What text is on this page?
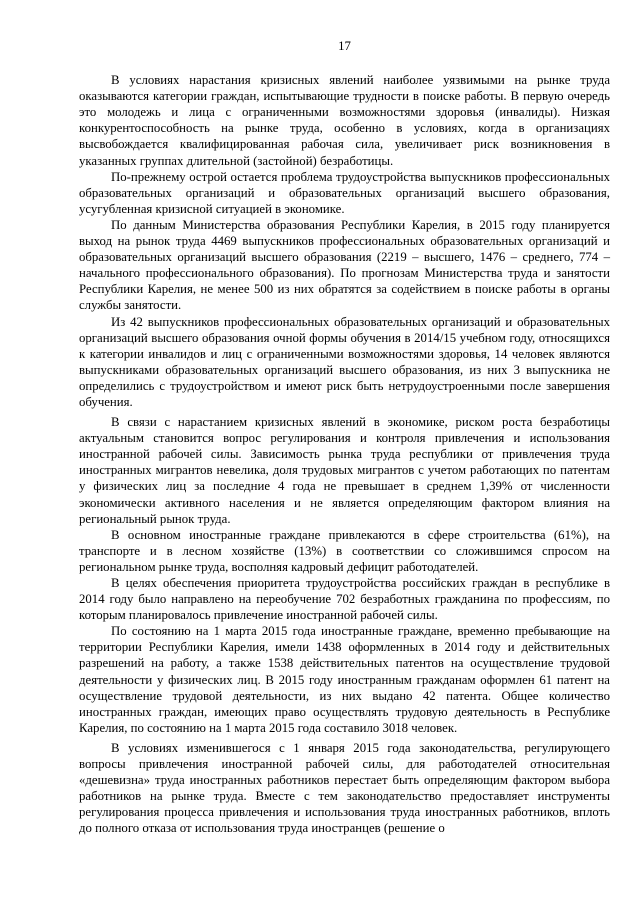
17

В условиях нарастания кризисных явлений наиболее уязвимыми на рынке труда оказываются категории граждан, испытывающие трудности в поиске работы. В первую очередь это молодежь и лица с ограниченными возможностями здоровья (инвалиды). Низкая конкурентоспособность на рынке труда, особенно в условиях, когда в организациях высвобождается квалифицированная рабочая сила, увеличивает риск возникновения в указанных группах длительной (застойной) безработицы.

По-прежнему острой остается проблема трудоустройства выпускников профессиональных образовательных организаций и образовательных организаций высшего образования, усугубленная кризисной ситуацией в экономике.

По данным Министерства образования Республики Карелия, в 2015 году планируется выход на рынок труда 4469 выпускников профессиональных образовательных организаций и образовательных организаций высшего образования (2219 – высшего, 1476 – среднего, 774 – начального профессионального образования). По прогнозам Министерства труда и занятости Республики Карелия, не менее 500 из них обратятся за содействием в поиске работы в органы службы занятости.

Из 42 выпускников профессиональных образовательных организаций и образовательных организаций высшего образования очной формы обучения в 2014/15 учебном году, относящихся к категории инвалидов и лиц с ограниченными возможностями здоровья, 14 человек являются выпускниками образовательных организаций высшего образования, из них 3 выпускника не определились с трудоустройством и имеют риск быть нетрудоустроенными после завершения обучения.

В связи с нарастанием кризисных явлений в экономике, риском роста безработицы актуальным становится вопрос регулирования и контроля привлечения и использования иностранной рабочей силы. Зависимость рынка труда республики от привлечения труда иностранных мигрантов невелика, доля трудовых мигрантов с учетом работающих по патентам у физических лиц за последние 4 года не превышает в среднем 1,39% от численности экономически активного населения и не является определяющим фактором влияния на региональный рынок труда.

В основном иностранные граждане привлекаются в сфере строительства (61%), на транспорте и в лесном хозяйстве (13%) в соответствии со сложившимся спросом на региональном рынке труда, восполняя кадровый дефицит работодателей.

В целях обеспечения приоритета трудоустройства российских граждан в республике в 2014 году было направлено на переобучение 702 безработных гражданина по профессиям, по которым планировалось привлечение иностранной рабочей силы.

По состоянию на 1 марта 2015 года иностранные граждане, временно пребывающие на территории Республики Карелия, имели 1438 оформленных в 2014 году и действительных разрешений на работу, а также 1538 действительных патентов на осуществление трудовой деятельности у физических лиц. В 2015 году иностранным гражданам оформлен 61 патент на осуществление трудовой деятельности, из них выдано 42 патента. Общее количество иностранных граждан, имеющих право осуществлять трудовую деятельность в Республике Карелия, по состоянию на 1 марта 2015 года составило 3018 человек.

В условиях изменившегося с 1 января 2015 года законодательства, регулирующего вопросы привлечения иностранной рабочей силы, для работодателей относительная «дешевизна» труда иностранных работников перестает быть определяющим фактором выбора работников на рынке труда. Вместе с тем законодательство предоставляет инструменты регулирования процесса привлечения и использования труда иностранных работников, вплоть до полного отказа от использования труда иностранцев (решение о
